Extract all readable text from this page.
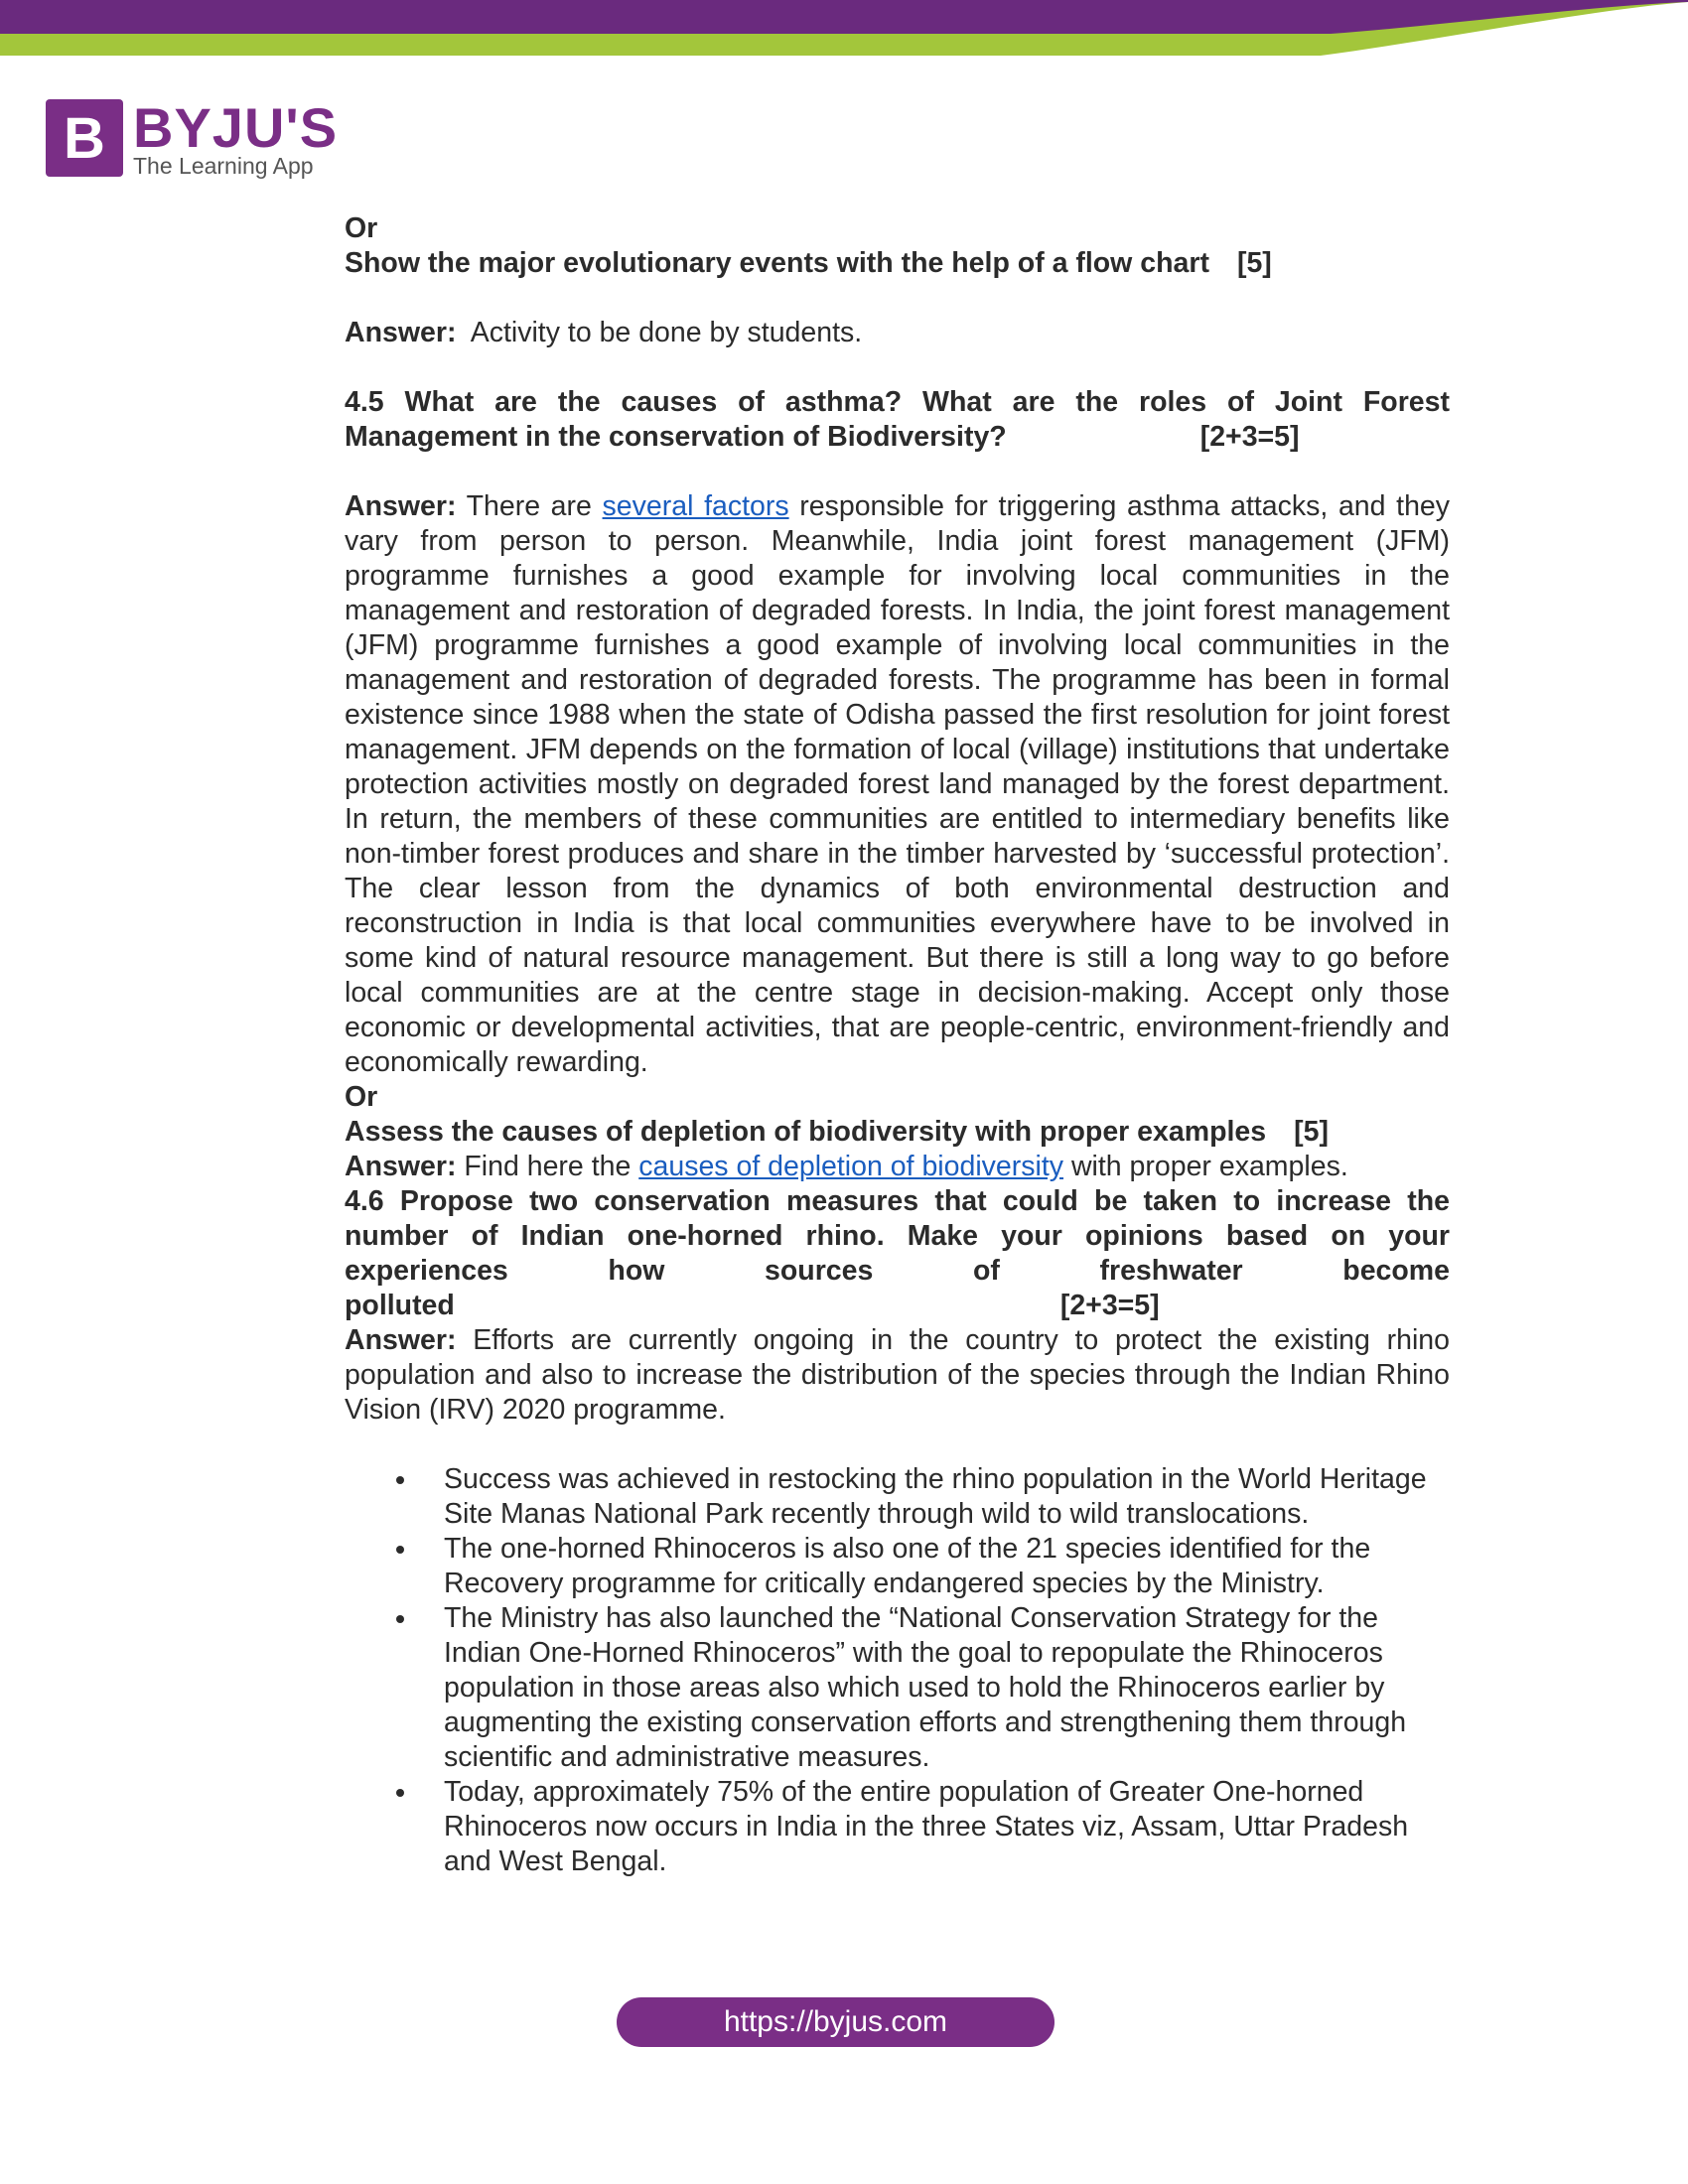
B BYJU'S
The Learning App

Or

Show the major evolutionary events with the help of a flow chart [5]

Answer: Activity to be done by students.

4.5 What are the causes of asthma? What are the roles of Joint Forest

Management in the conservation of Biodiversity?	[2+3=5]

Answer: There are several factors responsible for triggering asthma attacks, and they vary from person to person. Meanwhile, India joint forest management (JFM) programme furnishes a good example for involving local communities in the management and restoration of degraded forests. In India, the joint forest management (JFM) programme furnishes a good example of involving local communities in the management and restoration of degraded forests. The programme has been in formal existence since 1988 when the state of Odisha passed the first resolution for joint forest management. JFM depends on the formation of local (village) institutions that undertake protection activities mostly on degraded forest land managed by the forest department. In return, the members of these communities are entitled to intermediary benefits like non-timber forest produces and share in the timber harvested by ‘successful protection’. The clear lesson from the dynamics of both environmental destruction and reconstruction in India is that local communities everywhere have to be involved in some kind of natural resource management. But there is still a long way to go before local communities are at the centre stage in decision-making. Accept only those economic or developmental activities, that are people-centric, environment-friendly and economically rewarding.

Or

Assess the causes of depletion of biodiversity with proper examples [5]

Answer: Find here the causes of depletion of biodiversity with proper examples.

4.6 Propose two conservation measures that could be taken to increase the number of Indian one-horned rhino. Make your opinions based on your

experiences	how	sources	of	freshwater	become

polluted	[2+3=5]

Answer: Efforts are currently ongoing in the country to protect the existing rhino population and also to increase the distribution of the species through the Indian Rhino Vision (IRV) 2020 programme.

Success was achieved in restocking the rhino population in the World Heritage Site Manas National Park recently through wild to wild translocations.
The one-horned Rhinoceros is also one of the 21 species identified for the Recovery programme for critically endangered species by the Ministry.
The Ministry has also launched the “National Conservation Strategy for the Indian One-Horned Rhinoceros” with the goal to repopulate the Rhinoceros population in those areas also which used to hold the Rhinoceros earlier by augmenting the existing conservation efforts and strengthening them through scientific and administrative measures.
Today, approximately 75% of the entire population of Greater One-horned Rhinoceros now occurs in India in the three States viz, Assam, Uttar Pradesh and West Bengal.
https://byjus.com
